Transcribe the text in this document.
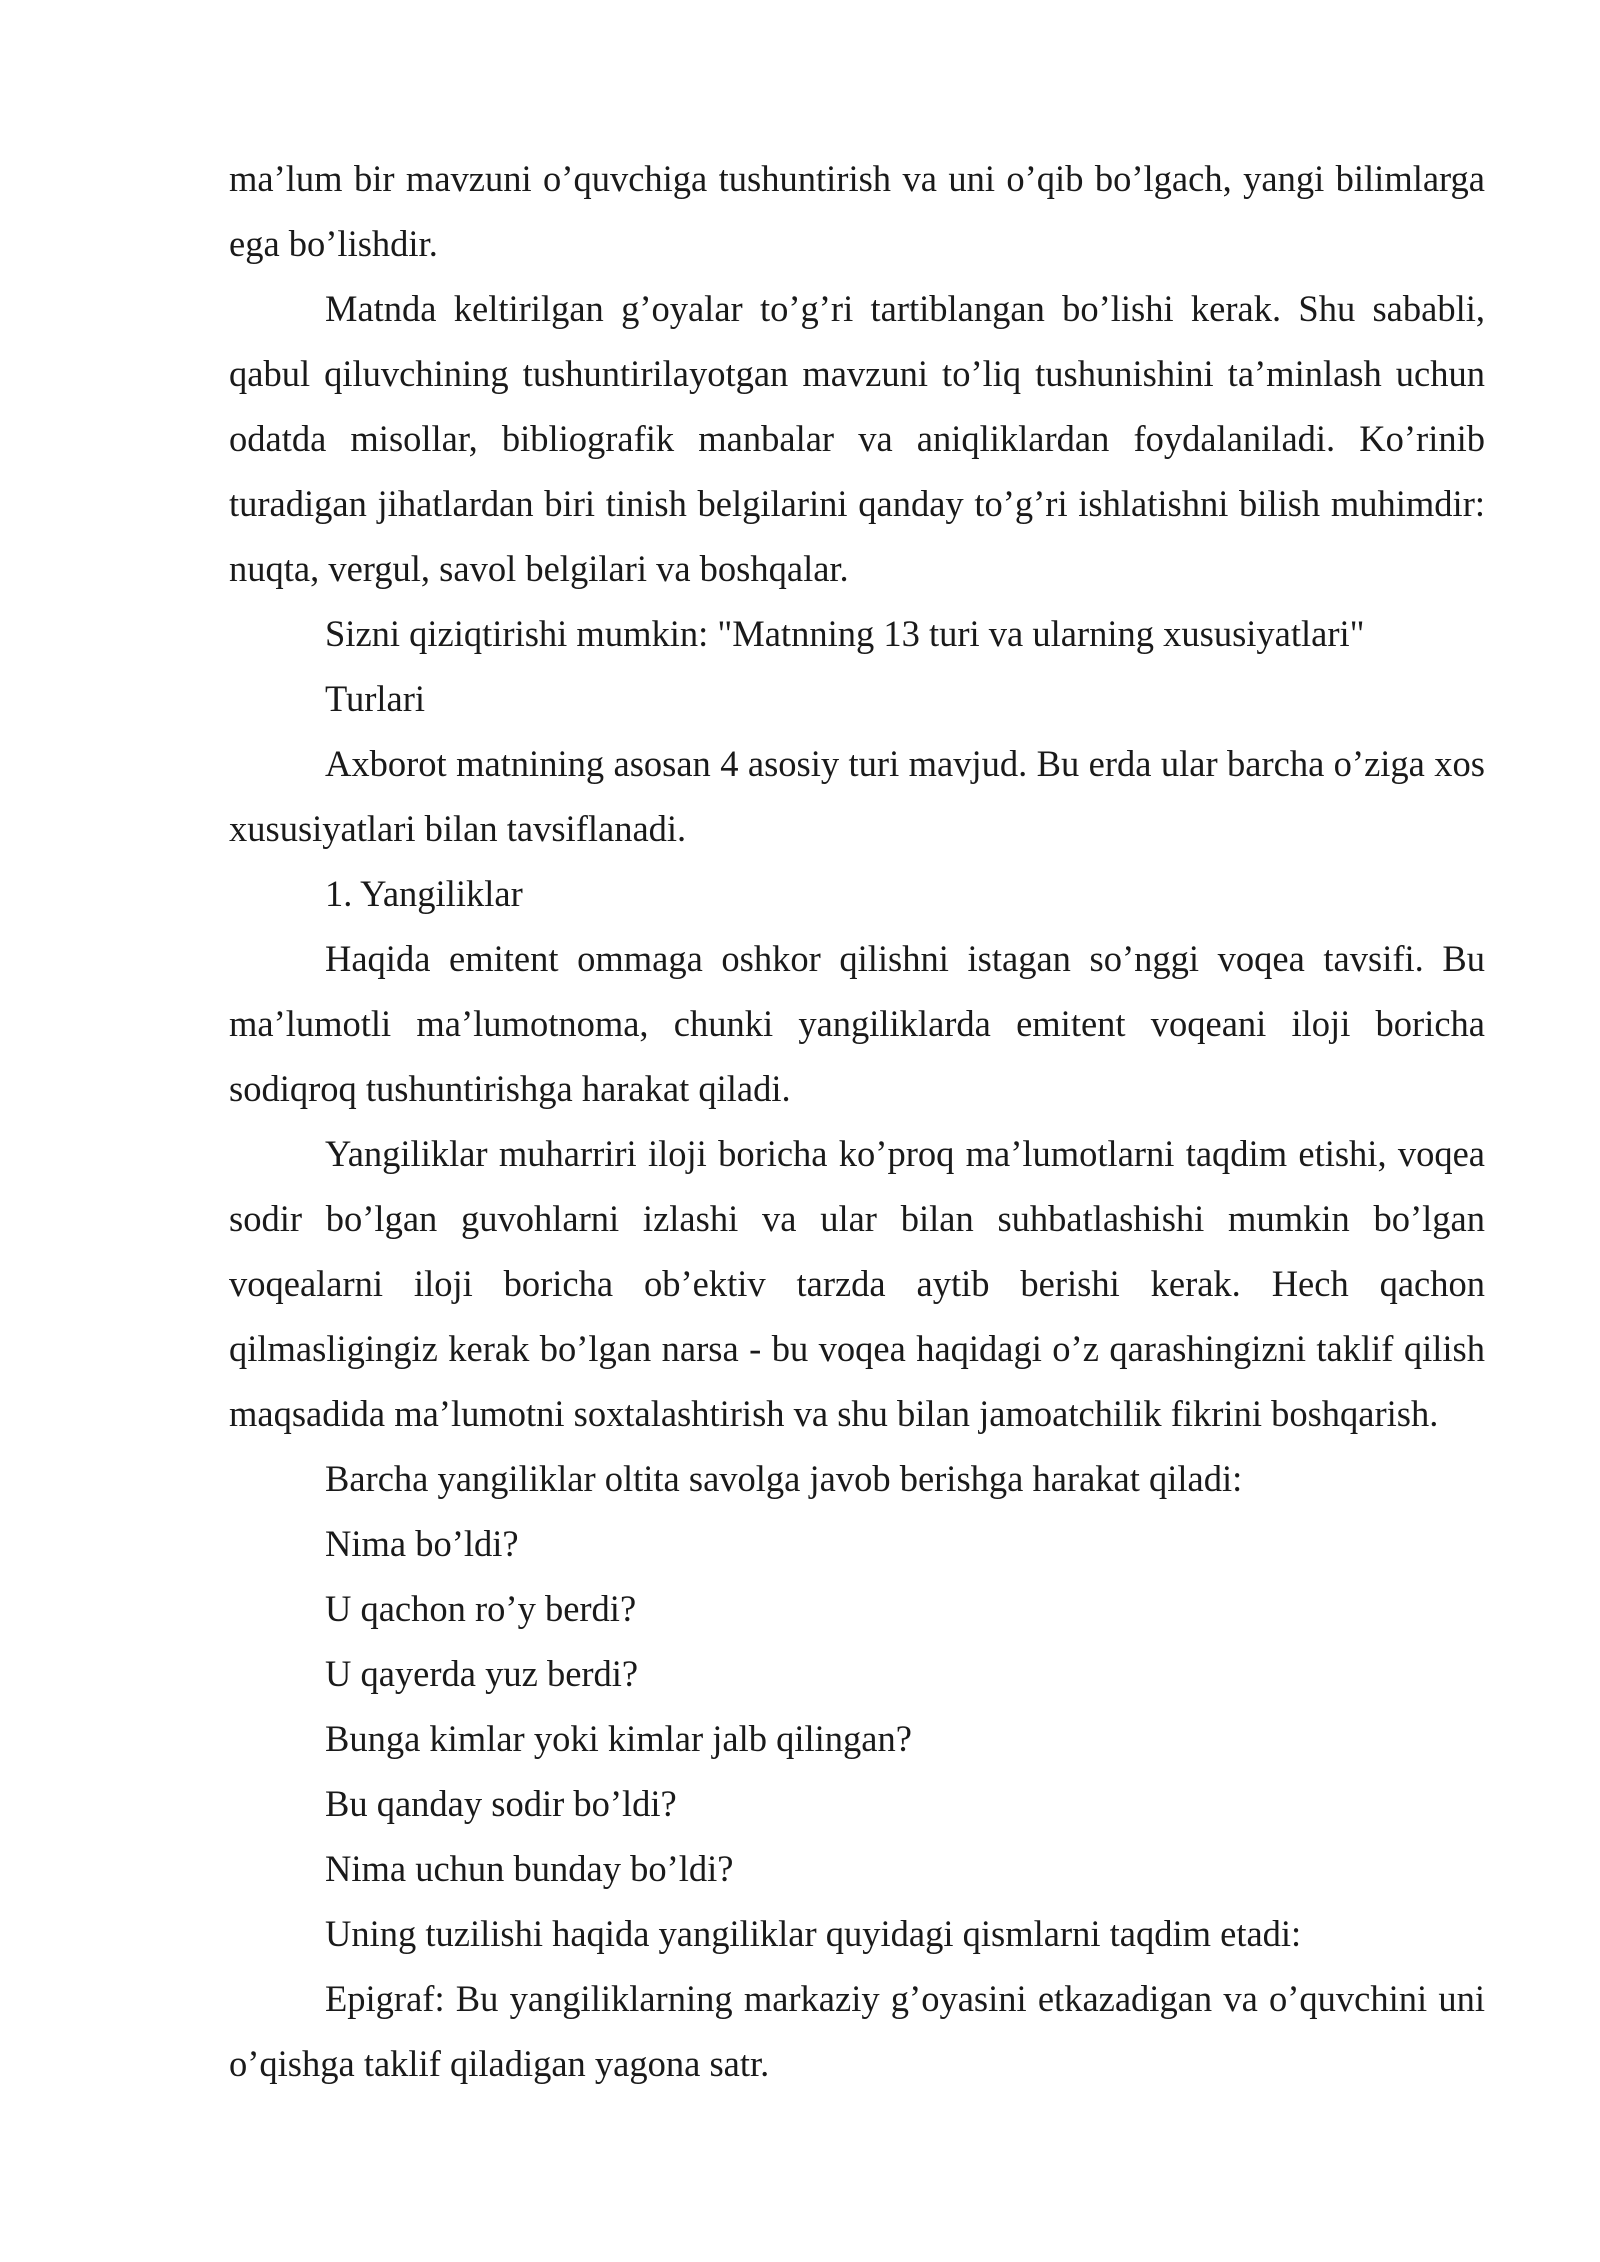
ma’lum bir mavzuni o’quvchiga tushuntirish va uni o’qib bo’lgach, yangi bilimlarga ega bo’lishdir.

Matnda keltirilgan g’oyalar to’g’ri tartiblangan bo’lishi kerak. Shu sababli, qabul qiluvchining tushuntirilayotgan mavzuni to’liq tushunishini ta’minlash uchun odatda misollar, bibliografik manbalar va aniqliklardan foydalaniladi. Ko’rinib turadigan jihatlardan biri tinish belgilarini qanday to’g’ri ishlatishni bilish muhimdir: nuqta, vergul, savol belgilari va boshqalar.

Sizni qiziqtirishi mumkin: "Matnning 13 turi va ularning xususiyatlari"

Turlari

Axborot matnining asosan 4 asosiy turi mavjud. Bu erda ular barcha o’ziga xos xususiyatlari bilan tavsiflanadi.

1. Yangiliklar

Haqida emitent ommaga oshkor qilishni istagan so’nggi voqea tavsifi. Bu ma’lumotli ma’lumotnoma, chunki yangiliklarda emitent voqeani iloji boricha sodiqroq tushuntirishga harakat qiladi.

Yangiliklar muharriri iloji boricha ko’proq ma’lumotlarni taqdim etishi, voqea sodir bo’lgan guvohlarni izlashi va ular bilan suhbatlashishi mumkin bo’lgan voqealarni iloji boricha ob’ektiv tarzda aytib berishi kerak. Hech qachon qilmasligingiz kerak bo’lgan narsa - bu voqea haqidagi o’z qarashingizni taklif qilish maqsadida ma’lumotni soxtalashtirish va shu bilan jamoatchilik fikrini boshqarish.

Barcha yangiliklar oltita savolga javob berishga harakat qiladi:

Nima bo’ldi?

U qachon ro’y berdi?

U qayerda yuz berdi?

Bunga kimlar yoki kimlar jalb qilingan?

Bu qanday sodir bo’ldi?

Nima uchun bunday bo’ldi?

Uning tuzilishi haqida yangiliklar quyidagi qismlarni taqdim etadi:

Epigraf: Bu yangiliklarning markaziy g’oyasini etkazadigan va o’quvchini uni o’qishga taklif qiladigan yagona satr.
